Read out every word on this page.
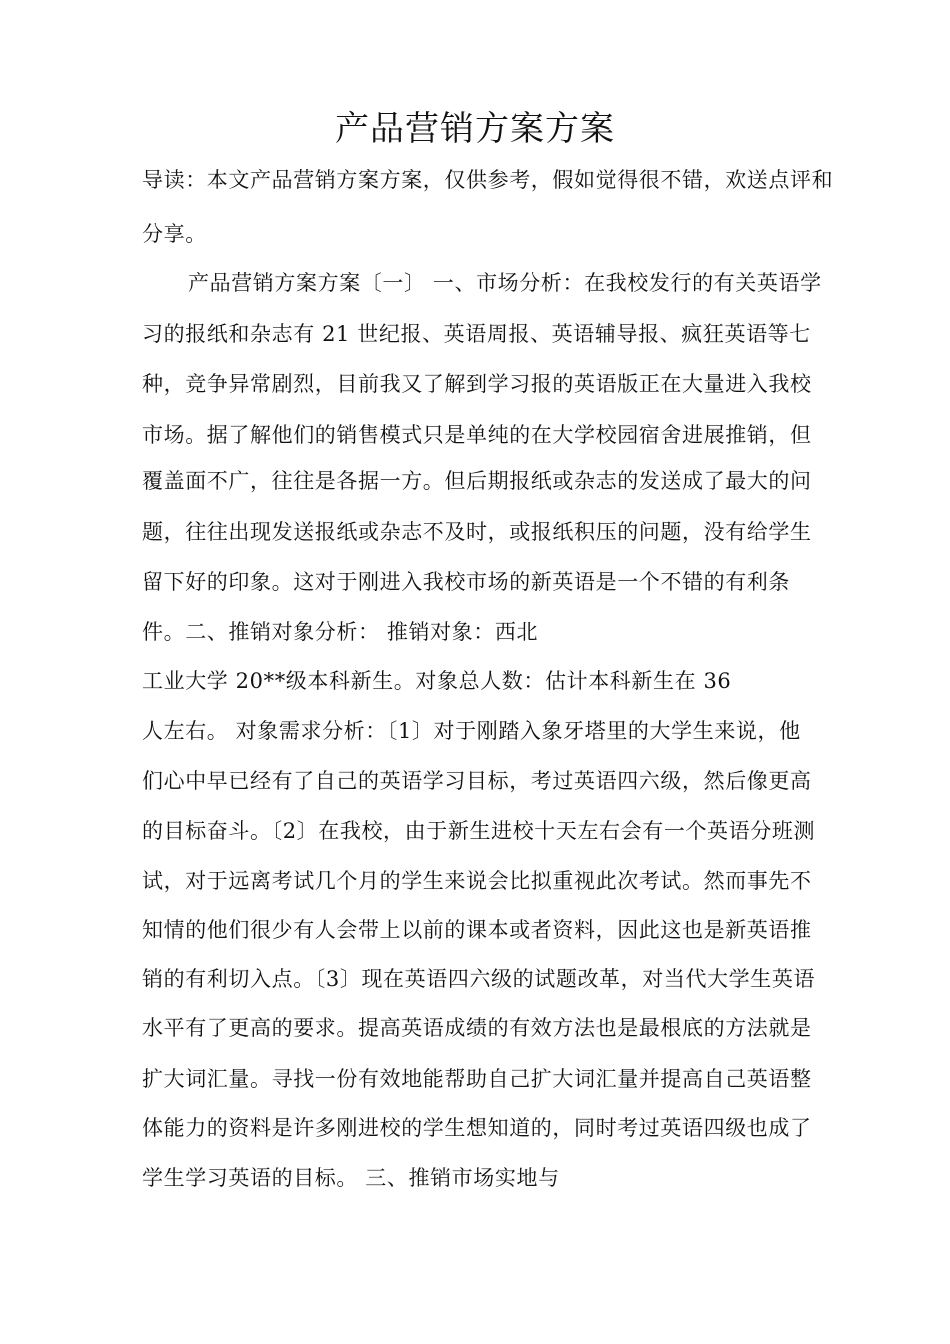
产品营销方案方案

导读：本文产品营销方案方案，仅供参考，假如觉得很不错，欢送点评和

分享。

产品营销方案方案〔一〕 一、市场分析：在我校发行的有关英语学

习的报纸和杂志有 21 世纪报、英语周报、英语辅导报、疯狂英语等七

种，竞争异常剧烈，目前我又了解到学习报的英语版正在大量进入我校

市场。据了解他们的销售模式只是单纯的在大学校园宿舍进展推销，但

覆盖面不广，往往是各据一方。但后期报纸或杂志的发送成了最大的问

题，往往出现发送报纸或杂志不及时，或报纸积压的问题，没有给学生

留下好的印象。这对于刚进入我校市场的新英语是一个不错的有利条

件。二、推销对象分析： 推销对象：西北

工业大学 20**级本科新生。对象总人数：估计本科新生在 36

人左右。 对象需求分析：〔1〕对于刚踏入象牙塔里的大学生来说，他

们心中早已经有了自己的英语学习目标，考过英语四六级，然后像更高

的目标奋斗。〔2〕在我校，由于新生进校十天左右会有一个英语分班测

试，对于远离考试几个月的学生来说会比拟重视此次考试。然而事先不

知情的他们很少有人会带上以前的课本或者资料，因此这也是新英语推

销的有利切入点。〔3〕现在英语四六级的试题改革，对当代大学生英语

水平有了更高的要求。提高英语成绩的有效方法也是最根底的方法就是

扩大词汇量。寻找一份有效地能帮助自己扩大词汇量并提高自己英语整

体能力的资料是许多刚进校的学生想知道的，同时考过英语四级也成了

学生学习英语的目标。 三、推销市场实地与
